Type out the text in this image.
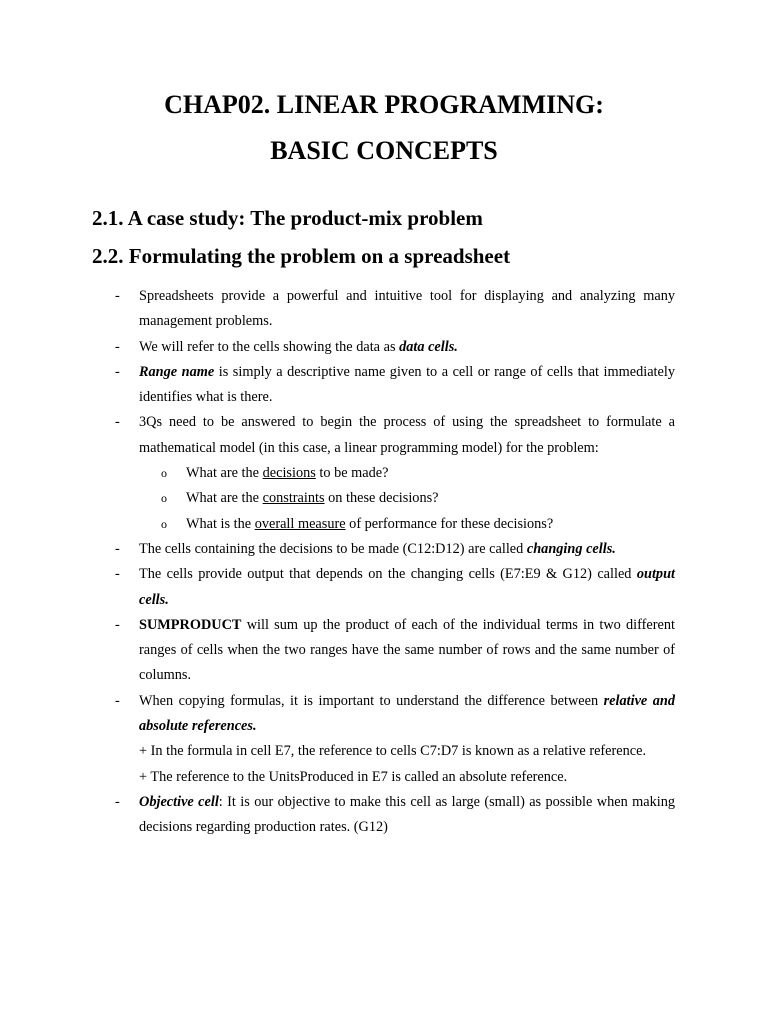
CHAP02. LINEAR PROGRAMMING:
BASIC CONCEPTS
2.1. A case study: The product-mix problem
2.2. Formulating the problem on a spreadsheet
- Spreadsheets provide a powerful and intuitive tool for displaying and analyzing many management problems.
- We will refer to the cells showing the data as data cells.
- Range name is simply a descriptive name given to a cell or range of cells that immediately identifies what is there.
- 3Qs need to be answered to begin the process of using the spreadsheet to formulate a mathematical model (in this case, a linear programming model) for the problem:
o What are the decisions to be made?
o What are the constraints on these decisions?
o What is the overall measure of performance for these decisions?
- The cells containing the decisions to be made (C12:D12) are called changing cells.
- The cells provide output that depends on the changing cells (E7:E9 & G12) called output cells.
- SUMPRODUCT will sum up the product of each of the individual terms in two different ranges of cells when the two ranges have the same number of rows and the same number of columns.
- When copying formulas, it is important to understand the difference between relative and absolute references.
+ In the formula in cell E7, the reference to cells C7:D7 is known as a relative reference.
+ The reference to the UnitsProduced in E7 is called an absolute reference.
- Objective cell: It is our objective to make this cell as large (small) as possible when making decisions regarding production rates. (G12)
